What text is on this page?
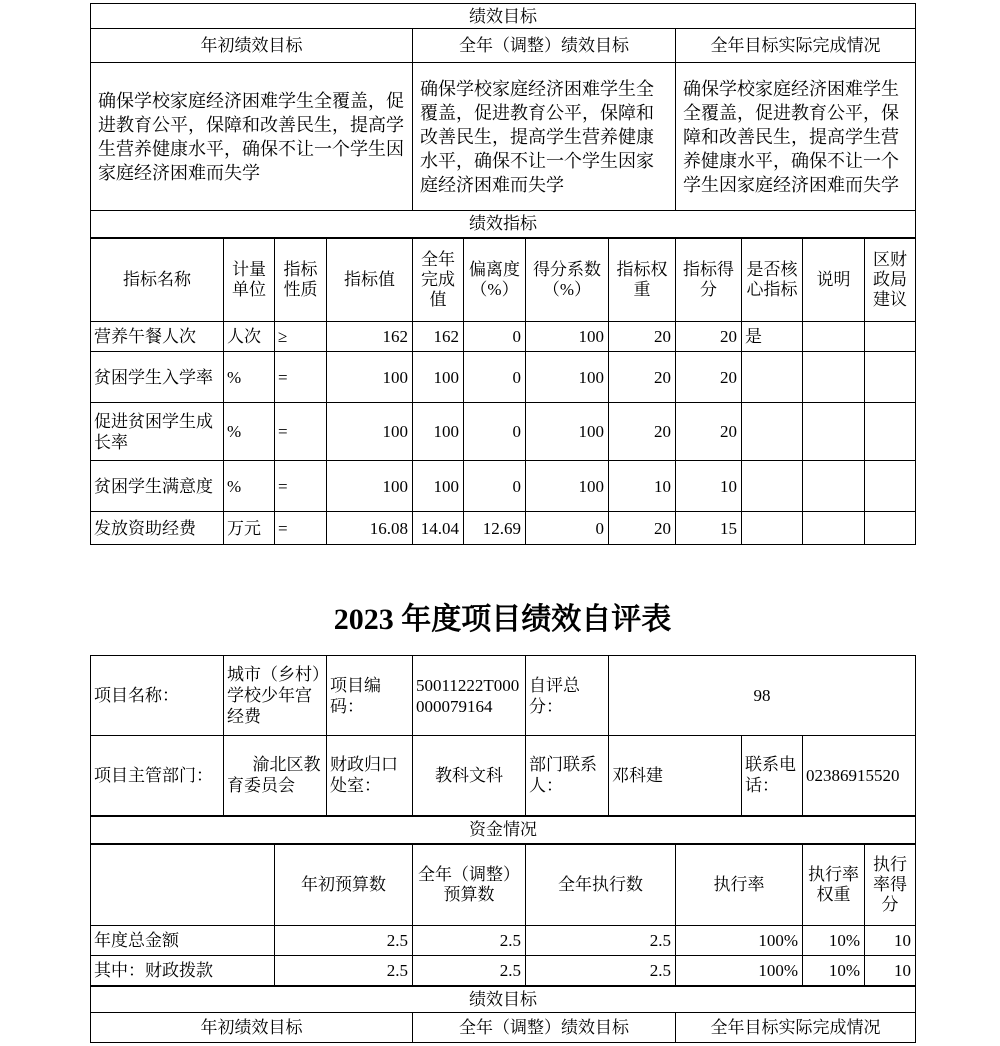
绩效目标											
年初绩效目标				全年（调整）绩效目标				全年目标实际完成情况			
确保学校家庭经济困难学生全覆盖，促进教育公平，保障和改善民生，提高学生营养健康水平，确保不让一个学生因家庭经济困难而失学				确保学校家庭经济困难学生全覆盖，促进教育公平，保障和改善民生，提高学生营养健康水平，确保不让一个学生因家庭经济困难而失学				确保学校家庭经济困难学生全覆盖，促进教育公平，保障和改善民生，提高学生营养健康水平，确保不让一个学生因家庭经济困难而失学			
绩效指标											
指标名称	计量单位	指标性质	指标值	全年完成值	偏离度（%）	得分系数（%）	指标权重	指标得分	是否核心指标	说明	区财政局建议
营养午餐人次	人次	≥	162	162	0	100	20	20	是		
贫困学生入学率	%	=	100	100	0	100	20	20			
促进贫困学生成长率	%	=	100	100	0	100	20	20			
贫困学生满意度	%	=	100	100	0	100	10	10			
发放资助经费	万元	=	16.08	14.04	12.69	0	20	15			
2023 年度项目绩效自评表
项目名称：	城市（乡村）学校少年宫经费		项目编码：	50011222T000000079164	自评总分：	98				
项目主管部门：	渝北区教育委员会		财政归口处室：	教科文科	部门联系人：	邓科建		联系电话：	02386915520	
资金情况										
		年初预算数		全年（调整）预算数	全年执行数		执行率		执行率权重	执行率得分
年度总金额		2.5		2.5	2.5		100%		10%	10
其中：财政拨款		2.5		2.5	2.5		100%		10%	10
绩效目标										
年初绩效目标				全年（调整）绩效目标			全年目标实际完成情况			
